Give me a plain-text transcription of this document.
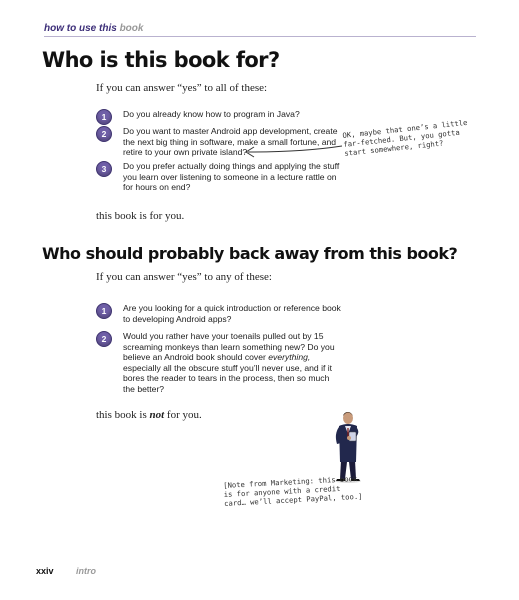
how to use this book
Who is this book for?
If you can answer “yes” to all of these:
1	Do you already know how to program in Java?
2	Do you want to master Android app development, create the next big thing in software, make a small fortune, and retire to your own private island?
3	Do you prefer actually doing things and applying the stuff you learn over listening to someone in a lecture rattle on for hours on end?
OK, maybe that one’s a little far-fetched. But, you gotta start somewhere, right?
this book is for you.
Who should probably back away from this book?
If you can answer “yes” to any of these:
1	Are you looking for a quick introduction or reference book to developing Android apps?
2	Would you rather have your toenails pulled out by 15 screaming monkeys than learn something new? Do you believe an Android book should cover everything, especially all the obscure stuff you’ll never use, and if it bores the reader to tears in the process, then so much the better?
this book is not for you.
[Note from Marketing: this book is for anyone with a credit card… we’ll accept PayPal, too.]
xxiv intro
